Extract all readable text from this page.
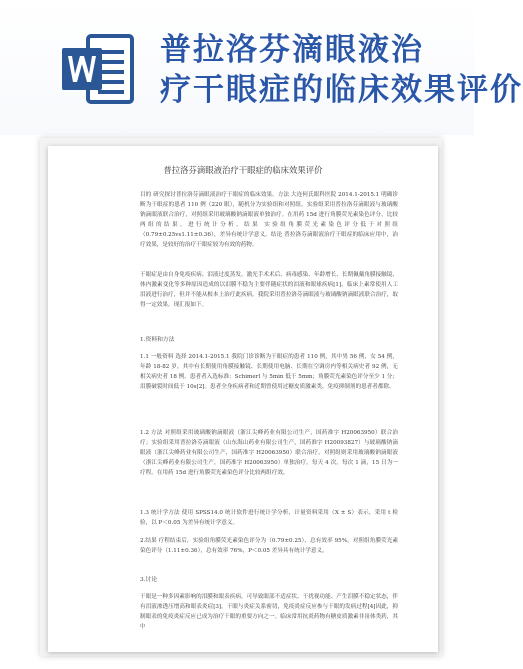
普拉洛芬滴眼液治
疗干眼症的临床效果评价
普拉洛芬滴眼液治疗干眼症的临床效果评价
目的 研究探讨普拉洛芬滴眼液治疗干眼症的临床效果。方法 大连何氏眼科医院 2014.1-2015.1 明确诊断为干眼症的患者 110 例（220 眼），随机分为实验组和对照组，实验组采用普拉洛芬滴眼液与玻璃酸钠滴眼液联合治疗，对照组采用玻璃酸钠滴眼液单独治疗。在用药 15d 进行角膜荧光素染色评分，比较两组的结果，进行统计分析。结果 实验组角膜荧光素染色评分低于对照组（0.79±0.25vs1.11±0.36），差异有统计学意义。结论 普拉洛芬滴眼液治疗干眼症的临床应用中，治疗效果，是较好的治疗干眼症较为有效的药物。
干眼症是由自身免疫疾病、泪液过度蒸发、激光手术术后、病毒感染、年龄增长、长期佩戴角膜接触镜、体内激素变化等多种原因造成的以泪膜不稳为主要伴随症状的泪液和眼球疾病[1]。临床上素常使用人工泪液进行治疗，但并不能从根本上治疗此疾病。我院采用普拉洛芬滴眼液与玻璃酸钠滴眼液联合治疗，取得一定效果，现汇报如下。
1.资料和方法
1.1 一般资料 选择 2014.1-2015.1 我院门诊诊断为干眼症的患者 110 例，其中男 56 例，女 54 例，年龄 18-82 岁，其中有长期使用角膜接触镜、长期使用电脑、长期在空调房内等相关病史者 92 例，无相关病史者 18 例。患者者入选标准：Schimerl 与 5min 低于 5mm；角膜荧光素染色评分至少 1 分；泪膜破裂时间低于 10s[2]。患者全身疾病者和近期曾使用过糖皮质激素类、免疫抑制剂的患者者都除。
1.2 方法 对照组采用玻璃酸钠滴眼液（浙江尖峰药业有限公司生产，国药准字 H20063950）联合治疗；实验组采用普拉洛芬滴眼液（山东海山药业有限公司生产，国药准字 H20093827）与玻璃酸钠滴眼液（浙江尖峰药业有限公司生产，国药准字 H20063950）联合治疗，对照组则采用玻璃酸钠滴眼液（浙江尖峰药业有限公司生产，国药准字 H20063950）单独治疗。每天 4 次，每次 1 滴，15 日为一疗程。在用药 15d 进行角膜荧光素染色评分比较两组疗效。
1.3 统计学方法 使用 SPSS14.0 统计软件进行统计学分析，计量资料采用（X ± S）表示，采用 t 检验，以 P＜0.05 为差异有统计学意义。
2.结果 疗程结束后，实验组角膜荧光素染色评分为（0.79±0.25），总有效率 95%。对照组角膜荧光素染色评分（1.11±0.36），总有效率 76%，P＜0.05 差异具有统计学意义。
3.讨论
干眼是一种多因素影响的泪膜和眼表疾病，可导致眼部不适症状、干扰视功能、产生泪膜不稳定状态，伴有泪液渗透压增高和眼表炎症[3]。干眼与炎症关系密切，免疫炎症反应参与干眼的发病过程[4]因此，抑制眼表的免疫炎症反应已成为治疗干眼的重要方向之一。临床常用抗炎药物有糖皮质激素非甾体类药，其中
